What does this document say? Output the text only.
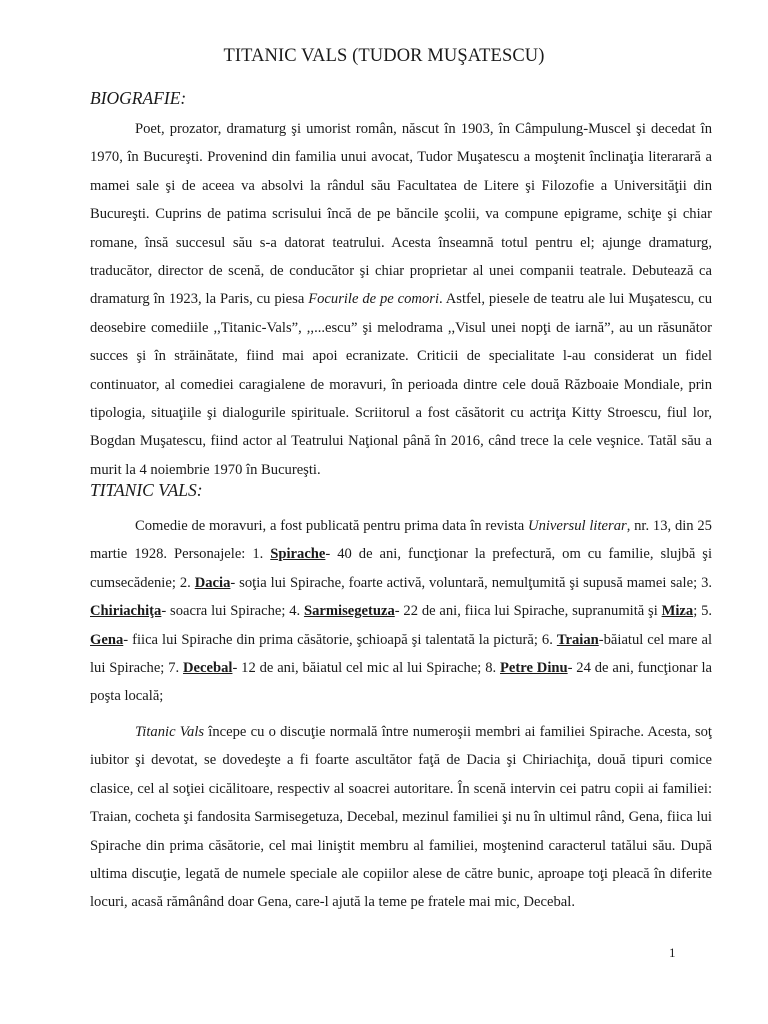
TITANIC VALS (TUDOR MUŞATESCU)
BIOGRAFIE:

Poet, prozator, dramaturg şi umorist român, născut în 1903, în Câmpulung-Muscel şi decedat în 1970, în Bucureşti. Provenind din familia unui avocat, Tudor Muşatescu a moştenit înclinaţia literarară a mamei sale şi de aceea va absolvi la rândul său Facultatea de Litere şi Filozofie a Universităţii din Bucureşti. Cuprins de patima scrisului încă de pe băncile şcolii, va compune epigrame, schiţe şi chiar romane, însă succesul său s-a datorat teatrului. Acesta înseamnă totul pentru el; ajunge dramaturg, traducător, director de scenă, de conducător şi chiar proprietar al unei companii teatrale. Debutează ca dramaturg în 1923, la Paris, cu piesa Focurile de pe comori. Astfel, piesele de teatru ale lui Muşatescu, cu deosebire comediile ,,Titanic-Vals”, ,,...escu” şi melodrama ,,Visul unei nopţi de iarnă”, au un răsunător succes şi în străinătate, fiind mai apoi ecranizate. Criticii de specialitate l-au considerat un fidel continuator, al comediei caragialene de moravuri, în perioada dintre cele două Războaie Mondiale, prin tipologia, situaţiile şi dialogurile spirituale. Scriitorul a fost căsătorit cu actriţa Kitty Stroescu, fiul lor, Bogdan Muşatescu, fiind actor al Teatrului Naţional până în 2016, când trece la cele veşnice. Tatăl său a murit la 4 noiembrie 1970 în Bucureşti.

TITANIC VALS:

Comedie de moravuri, a fost publicată pentru prima data în revista Universul literar, nr. 13, din 25 martie 1928. Personajele: 1. Spirache- 40 de ani, funcţionar la prefectură, om cu familie, slujbă şi cumsecădenie; 2. Dacia- soţia lui Spirache, foarte activă, voluntară, nemulţumită şi supusă mamei sale; 3. Chiriachiţa- soacra lui Spirache; 4. Sarmisegetuza- 22 de ani, fiica lui Spirache, supranumită şi Miza; 5. Gena- fiica lui Spirache din prima căsătorie, şchioapă şi talentată la pictură; 6. Traian-băiatul cel mare al lui Spirache; 7. Decebal- 12 de ani, băiatul cel mic al lui Spirache; 8. Petre Dinu- 24 de ani, funcţionar la poşta locală;

Titanic Vals începe cu o discuţie normală între numeroşii membri ai familiei Spirache. Acesta, soţ iubitor şi devotat, se dovedeşte a fi foarte ascultător faţă de Dacia şi Chiriachiţa, două tipuri comice clasice, cel al soţiei cicălitoare, respectiv al soacrei autoritare. În scenă intervin cei patru copii ai familiei: Traian, cocheta şi fandosita Sarmisegetuza, Decebal, mezinul familiei şi nu în ultimul rând, Gena, fiica lui Spirache din prima căsătorie, cel mai liniştit membru al familiei, moştenind caracterul tatălui său. După ultima discuţie, legată de numele speciale ale copiilor alese de către bunic, aproape toţi pleacă în diferite locuri, acasă rămânând doar Gena, care-l ajută la teme pe fratele mai mic, Decebal.

1
